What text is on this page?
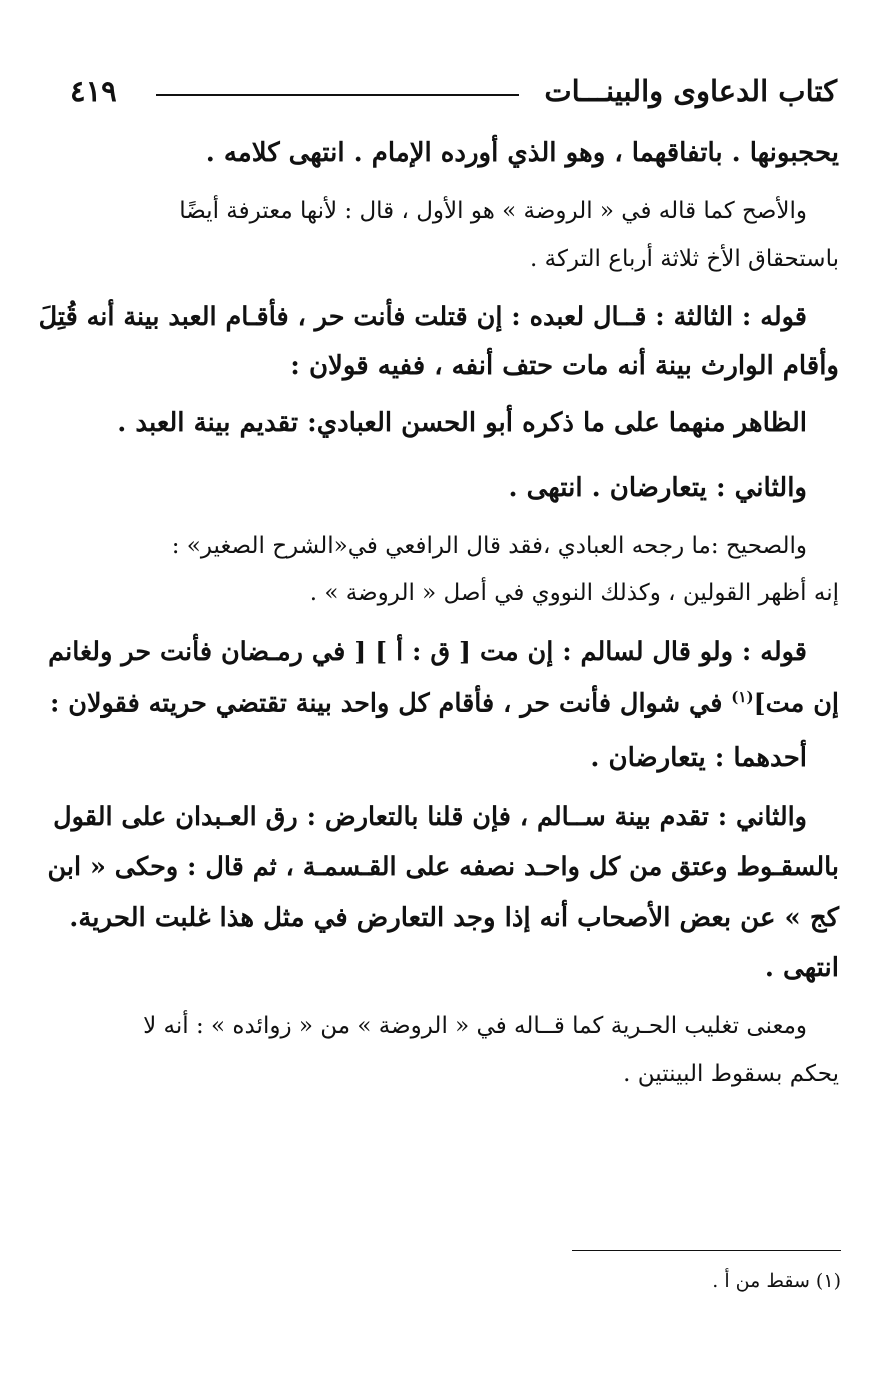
كتاب الدعاوى والبينـــات
٤١٩
يحجبونها . باتفاقهما ، وهو الذي أورده الإمام . انتهى كلامه .
والأصح كما قاله في « الروضة » هو الأول ، قال : لأنها معترفة أيضًا
باستحقاق الأخ ثلاثة أرباع التركة .
قوله : الثالثة : قــال لعبده : إن قتلت فأنت حر ، فأقـام العبد بينة أنه قُتِلَ
وأقام الوارث بينة أنه مات حتف أنفه ، ففيه قولان :
الظاهر منهما على ما ذكره أبو الحسن العبادي: تقديم بينة العبد .
والثاني : يتعارضان . انتهى .
والصحيح :ما رجحه العبادي ،فقد قال الرافعي في«الشرح الصغير» :
إنه أظهر القولين ، وكذلك النووي في أصل « الروضة » .
قوله : ولو قال لسالم : إن مت [ ق : أ ] [ في رمـضان فأنت حر ولغانم
إن مت]$^{(١)}$ في شوال فأنت حر ، فأقام كل واحد بينة تقتضي حريته فقولان :
أحدهما : يتعارضان .
والثاني : تقدم بينة ســالم ، فإن قلنا بالتعارض : رق العـبدان على القول
بالسقـوط وعتق من كل واحـد نصفه على القـسمـة ، ثم قال : وحكى « ابن
كج » عن بعض الأصحاب أنه إذا وجد التعارض في مثل هذا غلبت الحرية.
انتهى .
ومعنى تغليب الحـرية كما قــاله في « الروضة » من « زوائده » : أنه لا
يحكم بسقوط البينتين .
(١) سقط من أ .
